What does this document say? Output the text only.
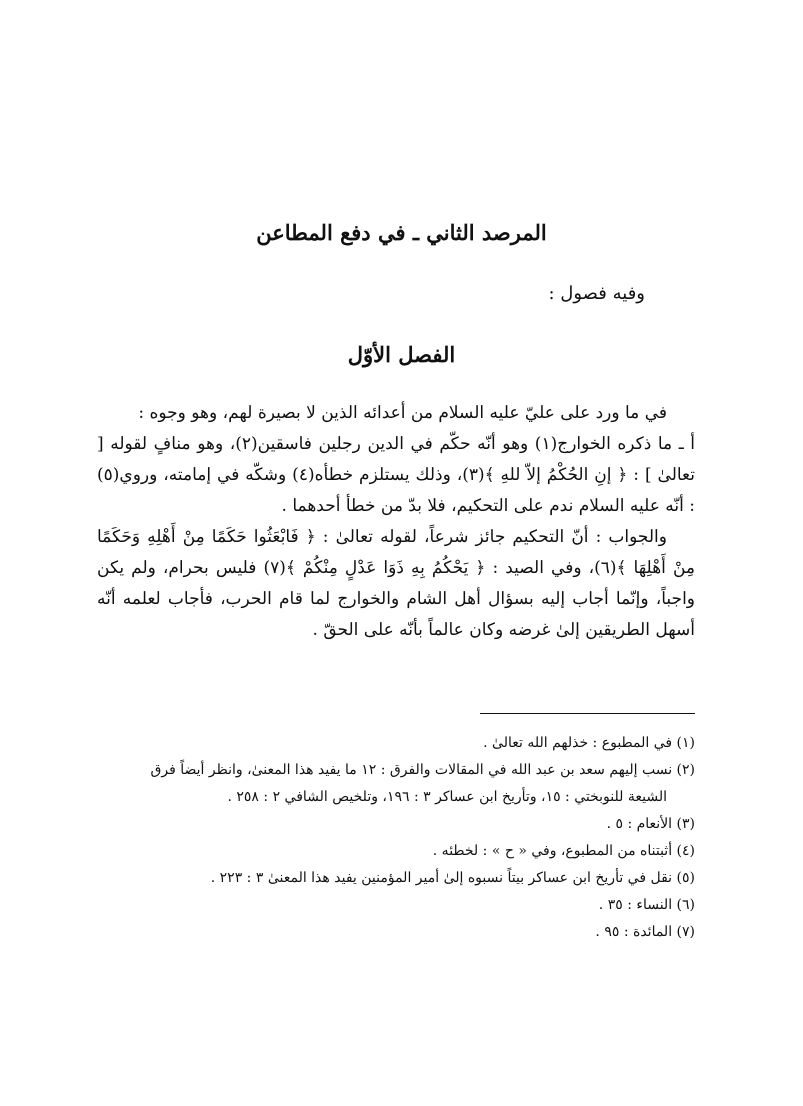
المرصد الثاني ـ في دفع المطاعن
وفيه فصول :
الفصل الأوّل

في ما ورد على عليّ عليه السلام من أعدائه الذين لا بصيرة لهم، وهو وجوه :

أ ـ ما ذكره الخوارج(١) وهو أنّه حكّم في الدين رجلين فاسقين(٢)، وهو منافٍ لقوله [ تعالىٰ ] : ﴿ إنِ الحُكْمُ إلاّ للهِ ﴾(٣)، وذلك يستلزم خطأه(٤) وشكّه في إمامته، وروي(٥) : أنّه عليه السلام ندم على التحكيم، فلا بدّ من خطأ أحدهما .

والجواب : أنّ التحكيم جائز شرعاً، لقوله تعالىٰ : ﴿ فَابْعَثُوا حَكَمًا مِنْ أَهْلِهِ وَحَكَمًا مِنْ أَهْلِهَا ﴾(٦)، وفي الصيد : ﴿ يَحْكُمُ بِهِ ذَوَا عَدْلٍ مِنْكُمْ ﴾(٧) فليس بحرام، ولم يكن واجباً، وإنّما أجاب إليه بسؤال أهل الشام والخوارج لما قام الحرب، فأجاب لعلمه أنّه أسهل الطريقين إلىٰ غرضه وكان عالماً بأنّه على الحقّ .

(١) في المطبوع : خذلهم الله تعالىٰ .

(٢) نسب إليهم سعد بن عبد الله في المقالات والفرق : ١٢ ما يفيد هذا المعنىٰ، وانظر أيضاً فرق

الشيعة للنوبختي : ١٥، وتأريخ ابن عساكر ٣ : ١٩٦، وتلخيص الشافي ٢ : ٢٥٨ .

(٣) الأنعام : ٥ .

(٤) أثبتناه من المطبوع، وفي « ح » : لخطئه .

(٥) نقل في تأريخ ابن عساكر بيتاً نسبوه إلىٰ أمير المؤمنين يفيد هذا المعنىٰ ٣ : ٢٢٣ .

(٦) النساء : ٣٥ .

(٧) المائدة : ٩٥ .
